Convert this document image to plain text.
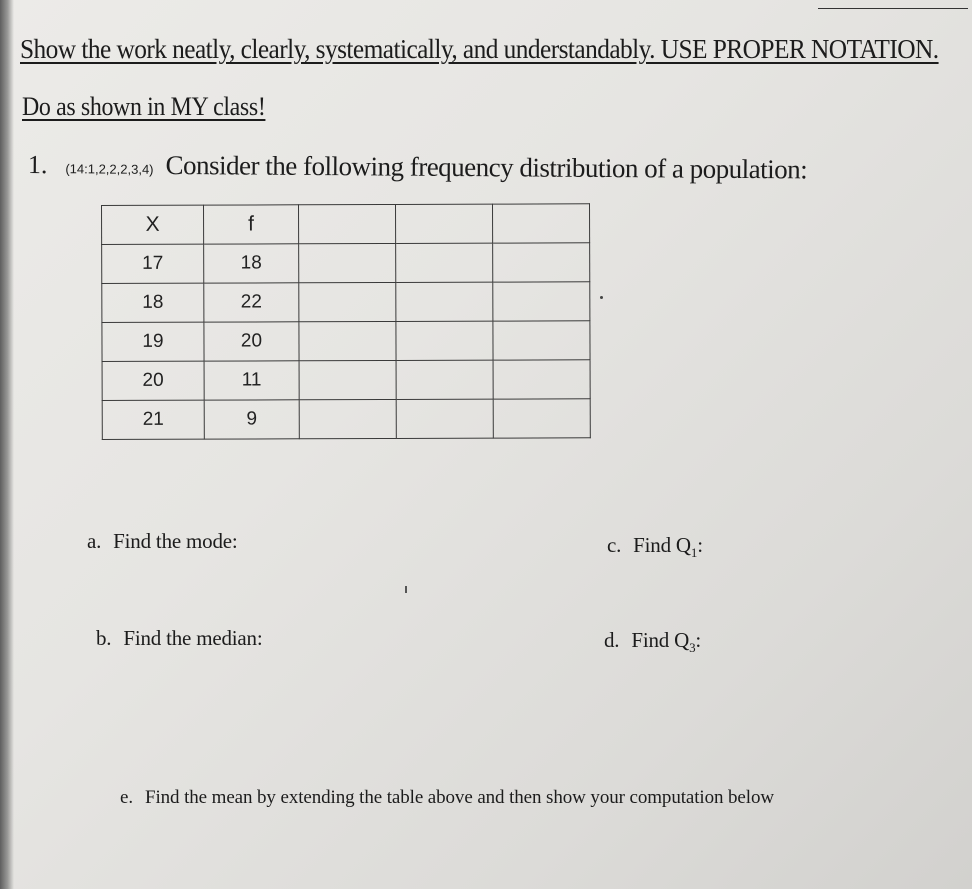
Show the work neatly, clearly, systematically, and understandably. USE PROPER NOTATION.
Do as shown in MY class!
1. (14:1,2,2,2,3,4) Consider the following frequency distribution of a population:
X	f			
17	18			
18	22			
19	20			
20	11			
21	9			
a. Find the mode:
b. Find the median:
c. Find $Q_1$:
d. Find $Q_3$:
e. Find the mean by extending the table above and then show your computation below
